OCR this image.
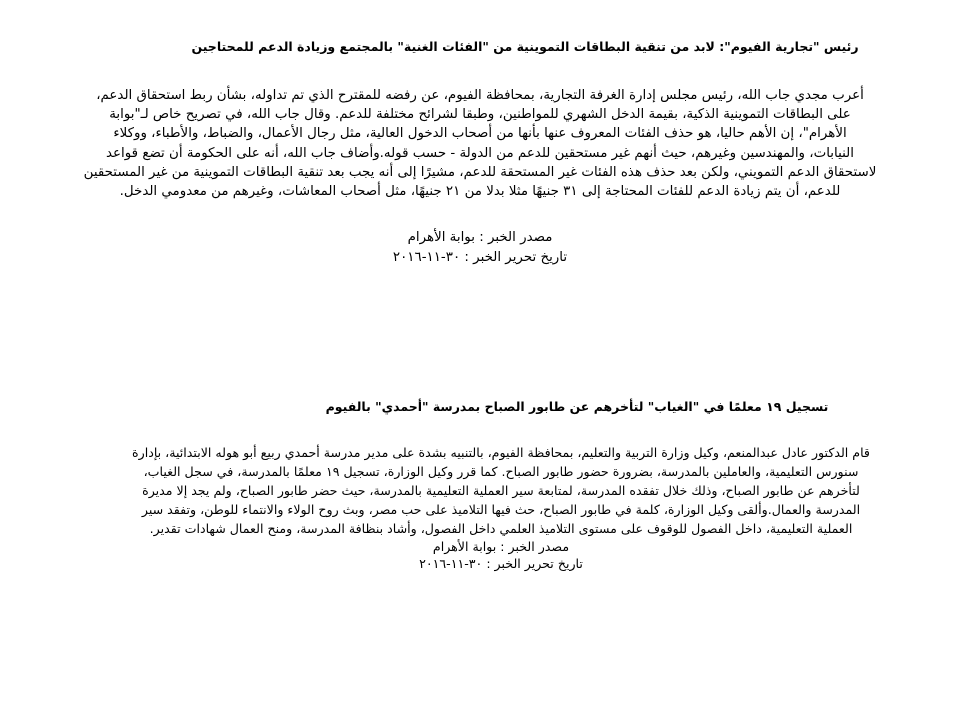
رئيس "تجارية الفيوم": لابد من تنقية البطاقات التموينية من "الفئات الغنية" بالمجتمع وزيادة الدعم للمحتاجين

أعرب مجدي جاب الله، رئيس مجلس إدارة الغرفة التجارية، بمحافظة الفيوم، عن رفضه للمقترح الذي تم تداوله، بشأن ربط استحقاق الدعم،
على البطاقات التموينية الذكية، بقيمة الدخل الشهري للمواطنين، وطبقا لشرائح مختلفة للدعم. وقال جاب الله، في تصريح خاص لـ"بوابة
الأهرام"، إن الأهم حاليا، هو حذف الفئات المعروف عنها بأنها من أصحاب الدخول العالية، مثل رجال الأعمال، والضباط، والأطباء، ووكلاء
النيابات، والمهندسين وغيرهم، حيث أنهم غير مستحقين للدعم من الدولة - حسب قوله.وأضاف جاب الله، أنه على الحكومة أن تضع قواعد
لاستحقاق الدعم التمويني، ولكن بعد حذف هذه الفئات غير المستحقة للدعم، مشيرًا إلى أنه يجب بعد تنقية البطاقات التموينية من غير المستحقين
للدعم، أن يتم زيادة الدعم للفئات المحتاجة إلى ٣١ جنيهًا مثلا بدلا من ٢١ جنيهًا، مثل أصحاب المعاشات، وغيرهم من معدومي الدخل.

مصدر الخبر : بوابة الأهرام

تاريخ تحرير الخبر : ٣٠-١١-٢٠١٦

تسجيل ١٩ معلمًا في "الغياب" لتأخرهم عن طابور الصباح بمدرسة "أحمدي" بالفيوم

قام الدكتور عادل عبدالمنعم، وكيل وزارة التربية والتعليم، بمحافظة الفيوم، بالتنبيه بشدة على مدير مدرسة أحمدي ربيع أبو هوله الابتدائية، بإدارة
سنورس التعليمية، والعاملين بالمدرسة، بضرورة حضور طابور الصباح. كما قرر وكيل الوزارة، تسجيل ١٩ معلمًا بالمدرسة، في سجل الغياب،
لتأخرهم عن طابور الصباح، وذلك خلال تفقده المدرسة، لمتابعة سير العملية التعليمية بالمدرسة، حيث حضر طابور الصباح، ولم يجد إلا مديرة
المدرسة والعمال.وألقى وكيل الوزارة، كلمة في طابور الصباح، حث فيها التلاميذ على حب مصر، وبث روح الولاء والانتماء للوطن، وتفقد سير
العملية التعليمية، داخل الفصول للوقوف على مستوى التلاميذ العلمي داخل الفصول، وأشاد بنظافة المدرسة، ومنح العمال شهادات تقدير.

مصدر الخبر : بوابة الأهرام

تاريخ تحرير الخبر : ٣٠-١١-٢٠١٦
